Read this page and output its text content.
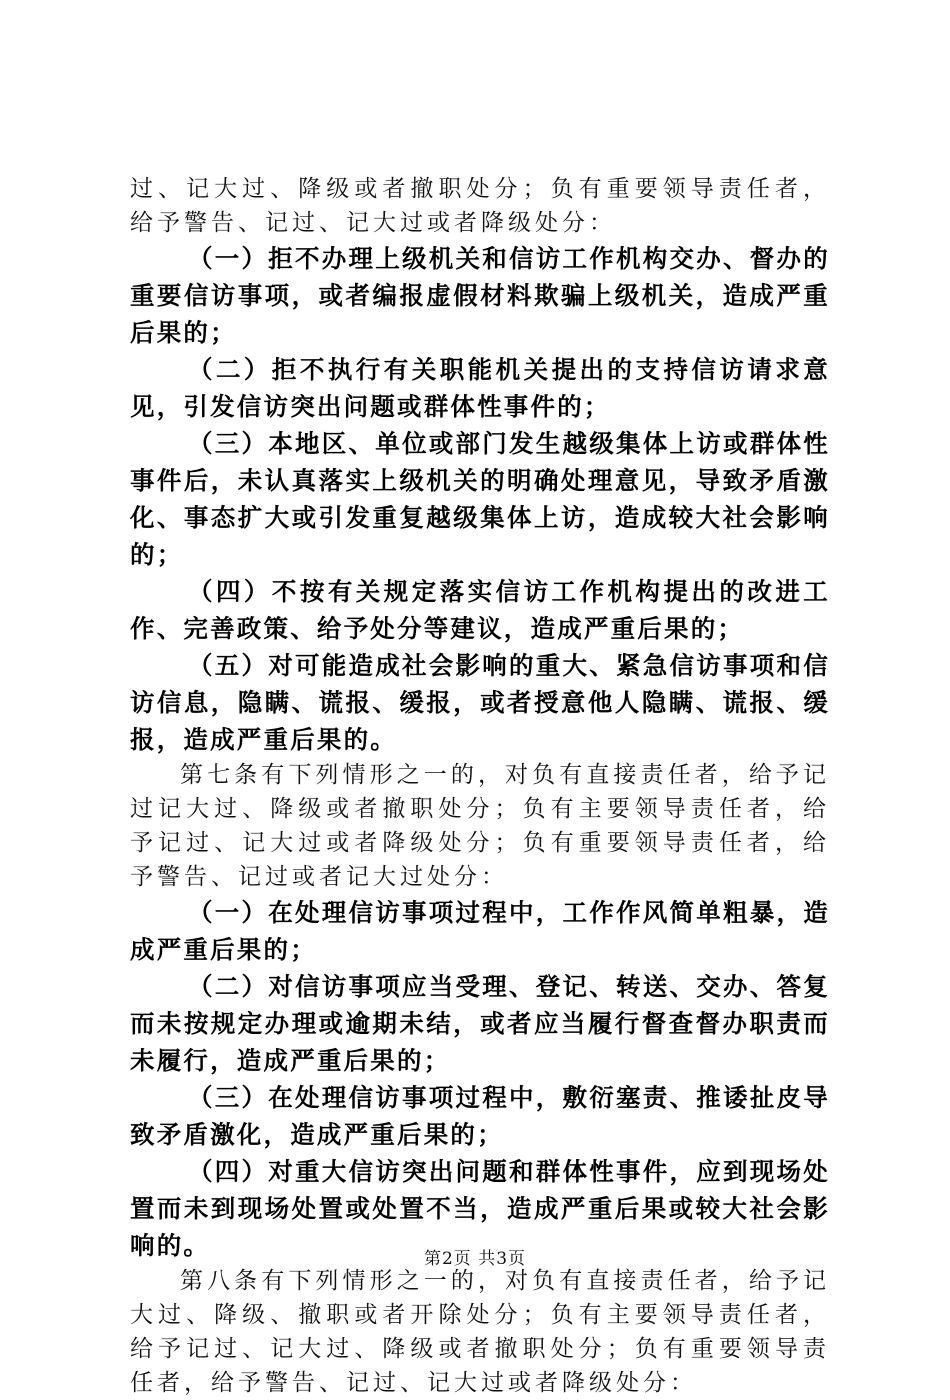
过、记大过、降级或者撤职处分；负有重要领导责任者，给予警告、记过、记大过或者降级处分：

（一）拒不办理上级机关和信访工作机构交办、督办的重要信访事项，或者编报虚假材料欺骗上级机关，造成严重后果的；

（二）拒不执行有关职能机关提出的支持信访请求意见，引发信访突出问题或群体性事件的；

（三）本地区、单位或部门发生越级集体上访或群体性事件后，未认真落实上级机关的明确处理意见，导致矛盾激化、事态扩大或引发重复越级集体上访，造成较大社会影响的；

（四）不按有关规定落实信访工作机构提出的改进工作、完善政策、给予处分等建议，造成严重后果的；

（五）对可能造成社会影响的重大、紧急信访事项和信访信息，隐瞒、谎报、缓报，或者授意他人隐瞒、谎报、缓报，造成严重后果的。

第七条有下列情形之一的，对负有直接责任者，给予记过记大过、降级或者撤职处分；负有主要领导责任者，给予记过、记大过或者降级处分；负有重要领导责任者，给予警告、记过或者记大过处分：

（一）在处理信访事项过程中，工作作风简单粗暴，造成严重后果的；

（二）对信访事项应当受理、登记、转送、交办、答复而未按规定办理或逾期未结，或者应当履行督查督办职责而未履行，造成严重后果的；

（三）在处理信访事项过程中，敷衍塞责、推诿扯皮导致矛盾激化，造成严重后果的；

（四）对重大信访突出问题和群体性事件，应到现场处置而未到现场处置或处置不当，造成严重后果或较大社会影响的。

第八条有下列情形之一的，对负有直接责任者，给予记大过、降级、撤职或者开除处分；负有主要领导责任者，给予记过、记大过、降级或者撤职处分；负有重要领导责任者，给予警告、记过、记大过或者降级处分：

第2页 共3页
